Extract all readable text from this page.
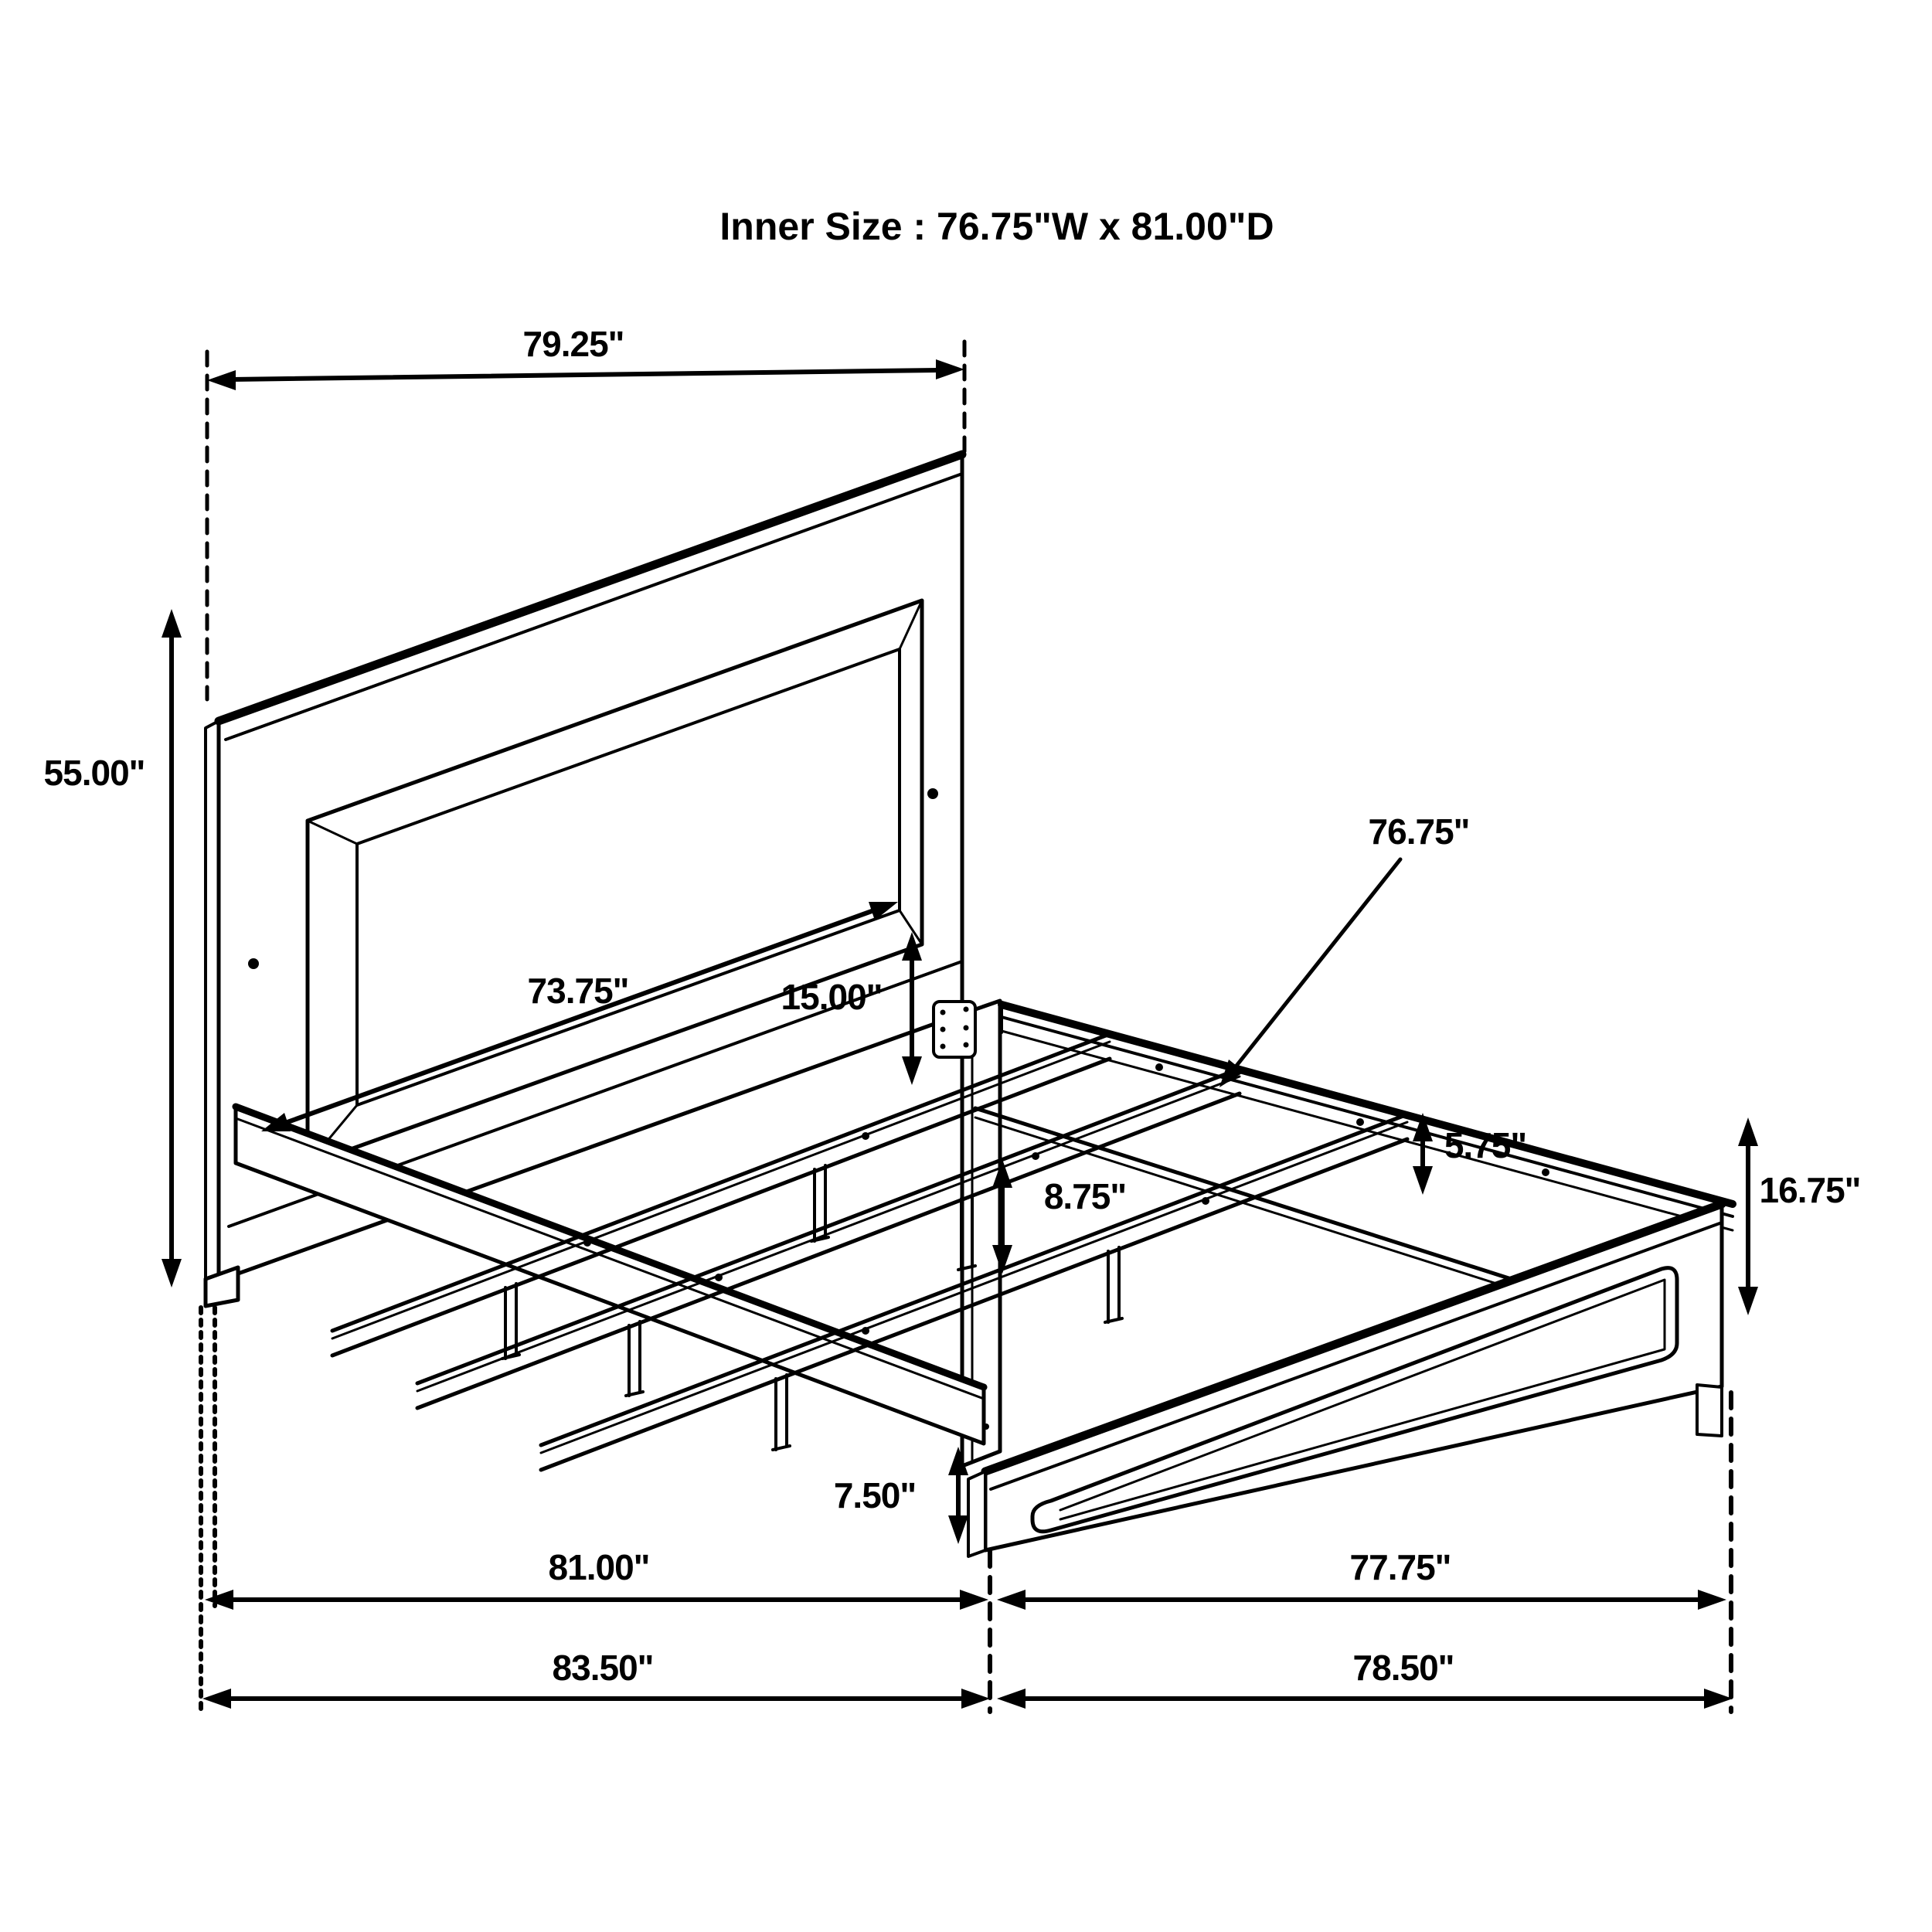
Inner Size : 76.75"W x 81.00"D
79.25"
55.00"
73.75"	15.00"
76.75"
5.75"
8.75"	16.75"
7.50"
81.00"	77.75"
83.50"	78.50"
